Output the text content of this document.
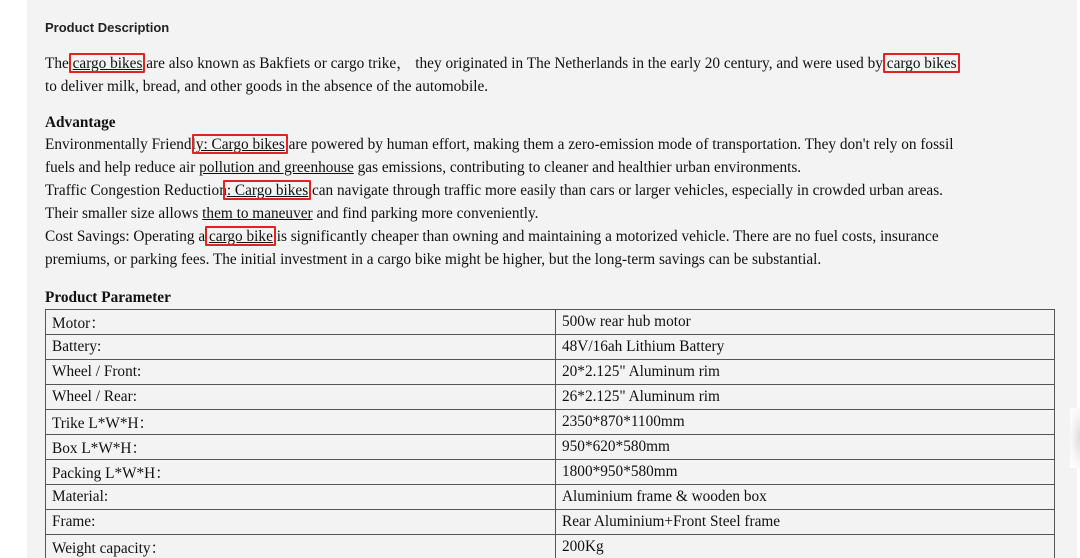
Product Description

The cargo bikes are also known as Bakfiets or cargo trike， they originated in The Netherlands in the early 20 century, and were used by cargo bikes
to deliver milk, bread, and other goods in the absence of the automobile.

Advantage

Environmentally Friendly: Cargo bikes are powered by human effort, making them a zero-emission mode of transportation. They don't rely on fossil
fuels and help reduce air pollution and greenhouse gas emissions, contributing to cleaner and healthier urban environments.
Traffic Congestion Reduction: Cargo bikes can navigate through traffic more easily than cars or larger vehicles, especially in crowded urban areas.
Their smaller size allows them to maneuver and find parking more conveniently.
Cost Savings: Operating a cargo bike is significantly cheaper than owning and maintaining a motorized vehicle. There are no fuel costs, insurance
premiums, or parking fees. The initial investment in a cargo bike might be higher, but the long-term savings can be substantial.

Product Parameter
Motor：	500w rear hub motor
Battery:	48V/16ah Lithium Battery
Wheel / Front:	20*2.125" Aluminum rim
Wheel / Rear:	26*2.125" Aluminum rim
Trike L*W*H：	2350*870*1100mm
Box L*W*H：	950*620*580mm
Packing L*W*H：	1800*950*580mm
Material:	Aluminium frame & wooden box
Frame:	Rear Aluminium+Front Steel frame
Weight capacity：	200Kg
